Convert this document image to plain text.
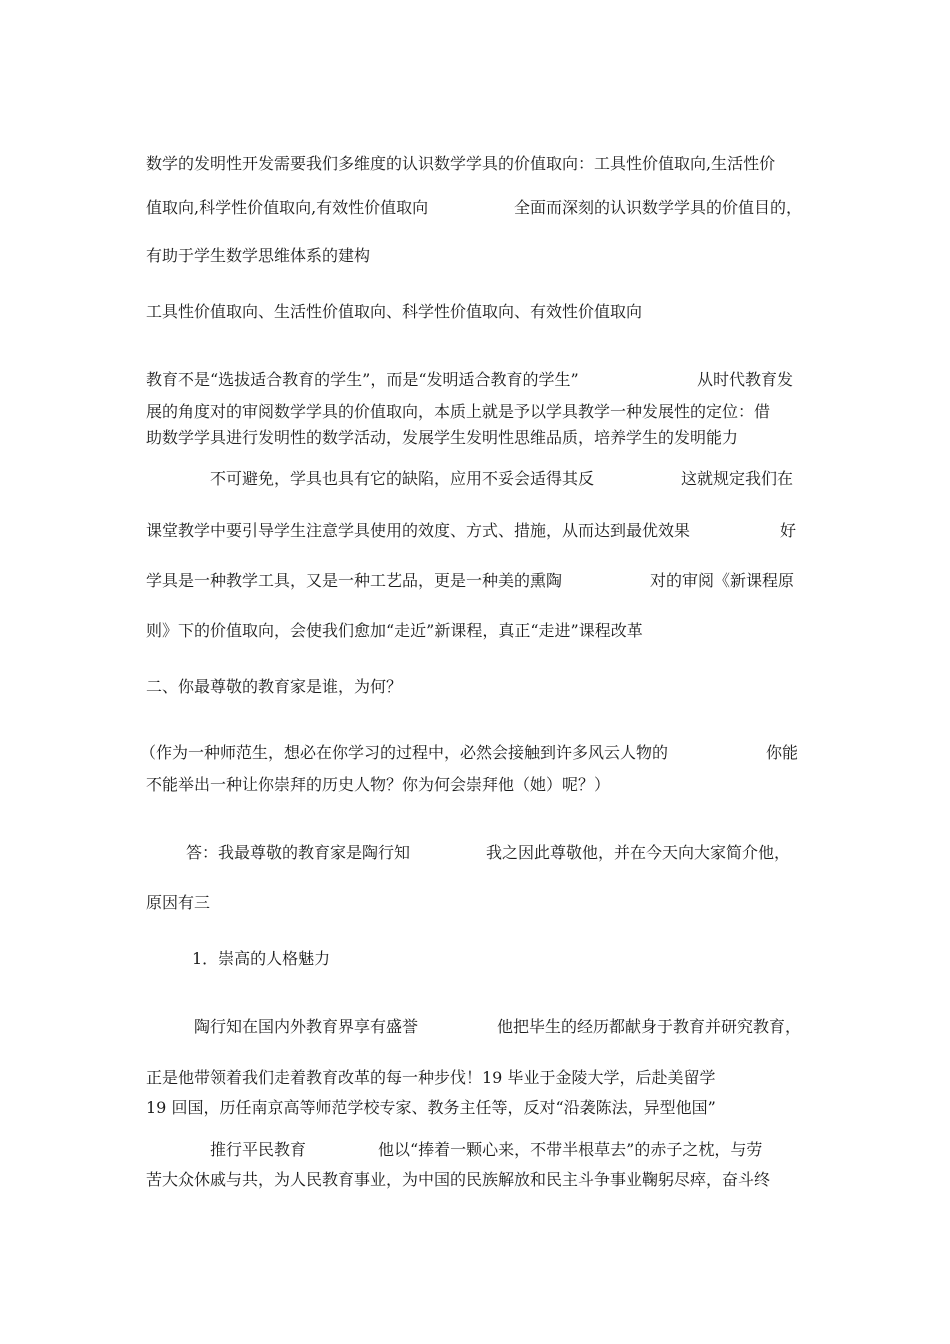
数学的发明性开发需要我们多维度的认识数学学具的价值取向：工具性价值取向,生活性价
值取向,科学性价值取向,有效性价值取向	全面而深刻的认识数学学具的价值目的，
有助于学生数学思维体系的建构
工具性价值取向、生活性价值取向、科学性价值取向、有效性价值取向
教育不是“选拔适合教育的学生”，而是“发明适合教育的学生”	从时代教育发
展的角度对的审阅数学学具的价值取向，本质上就是予以学具教学一种发展性的定位：借
助数学学具进行发明性的数学活动，发展学生发明性思维品质，培养学生的发明能力
不可避免，学具也具有它的缺陷，应用不妥会适得其反	这就规定我们在
课堂教学中要引导学生注意学具使用的效度、方式、措施，从而达到最优效果	好
学具是一种教学工具，又是一种工艺品，更是一种美的熏陶	对的审阅《新课程原
则》下的价值取向，会使我们愈加“走近”新课程，真正“走进”课程改革
二、你最尊敬的教育家是谁，为何？
（作为一种师范生，想必在你学习的过程中，必然会接触到许多风云人物的	你能
不能举出一种让你崇拜的历史人物？你为何会崇拜他（她）呢？）
答：我最尊敬的教育家是陶行知	我之因此尊敬他，并在今天向大家简介他，
原因有三
1．崇高的人格魅力
陶行知在国内外教育界享有盛誉	他把毕生的经历都献身于教育并研究教育，
正是他带领着我们走着教育改革的每一种步伐！19 毕业于金陵大学，后赴美留学
19 回国，历任南京高等师范学校专家、教务主任等，反对“沿袭陈法，异型他国”
推行平民教育	他以“捧着一颗心来，不带半根草去”的赤子之枕，与劳
苦大众休戚与共，为人民教育事业，为中国的民族解放和民主斗争事业鞠躬尽瘁，奋斗终
